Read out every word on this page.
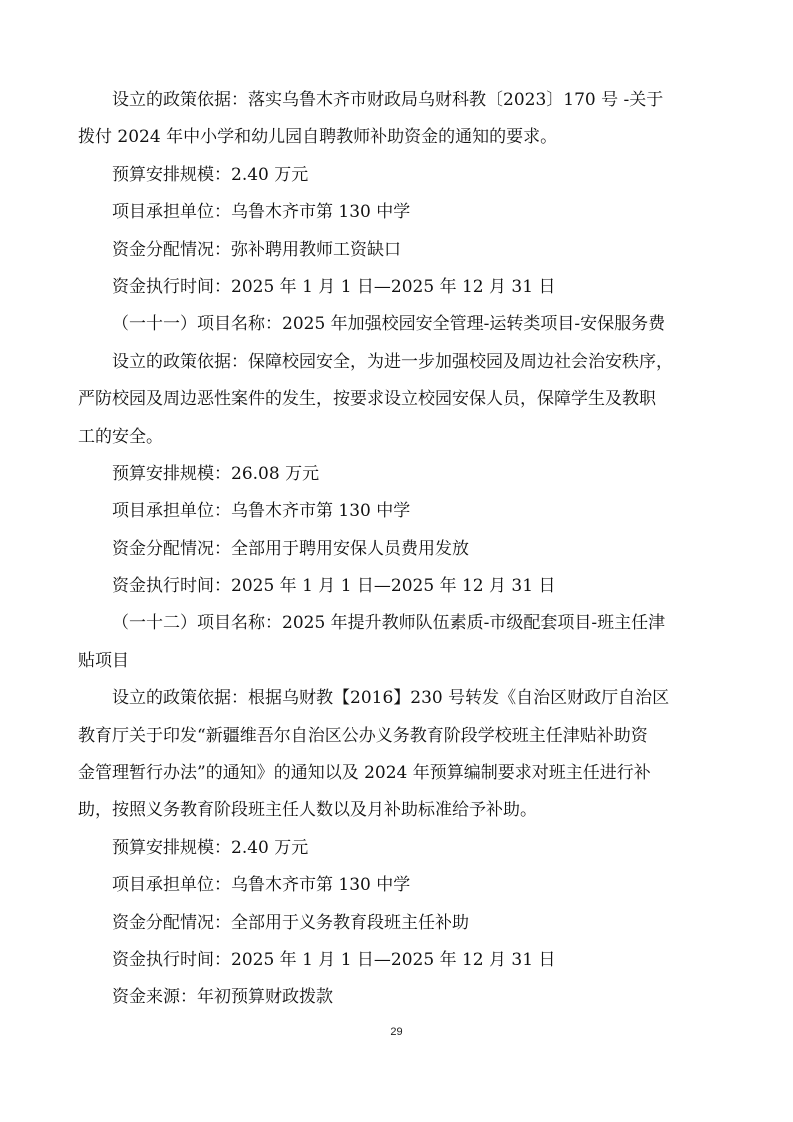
设立的政策依据：落实乌鲁木齐市财政局乌财科教〔2023〕170 号 -关于

拨付 2024 年中小学和幼儿园自聘教师补助资金的通知的要求。

预算安排规模：2.40 万元

项目承担单位：乌鲁木齐市第 130 中学

资金分配情况：弥补聘用教师工资缺口

资金执行时间：2025 年 1 月 1 日—2025 年 12 月 31 日

（一十一）项目名称：2025 年加强校园安全管理-运转类项目-安保服务费

设立的政策依据：保障校园安全，为进一步加强校园及周边社会治安秩序，

严防校园及周边恶性案件的发生，按要求设立校园安保人员，保障学生及教职

工的安全。

预算安排规模：26.08 万元

项目承担单位：乌鲁木齐市第 130 中学

资金分配情况：全部用于聘用安保人员费用发放

资金执行时间：2025 年 1 月 1 日—2025 年 12 月 31 日

（一十二）项目名称：2025 年提升教师队伍素质-市级配套项目-班主任津

贴项目

设立的政策依据：根据乌财教【2016】230 号转发《自治区财政厅自治区

教育厅关于印发“新疆维吾尔自治区公办义务教育阶段学校班主任津贴补助资

金管理暂行办法”的通知》的通知以及 2024 年预算编制要求对班主任进行补

助，按照义务教育阶段班主任人数以及月补助标准给予补助。

预算安排规模：2.40 万元

项目承担单位：乌鲁木齐市第 130 中学

资金分配情况：全部用于义务教育段班主任补助

资金执行时间：2025 年 1 月 1 日—2025 年 12 月 31 日

资金来源：年初预算财政拨款

29
